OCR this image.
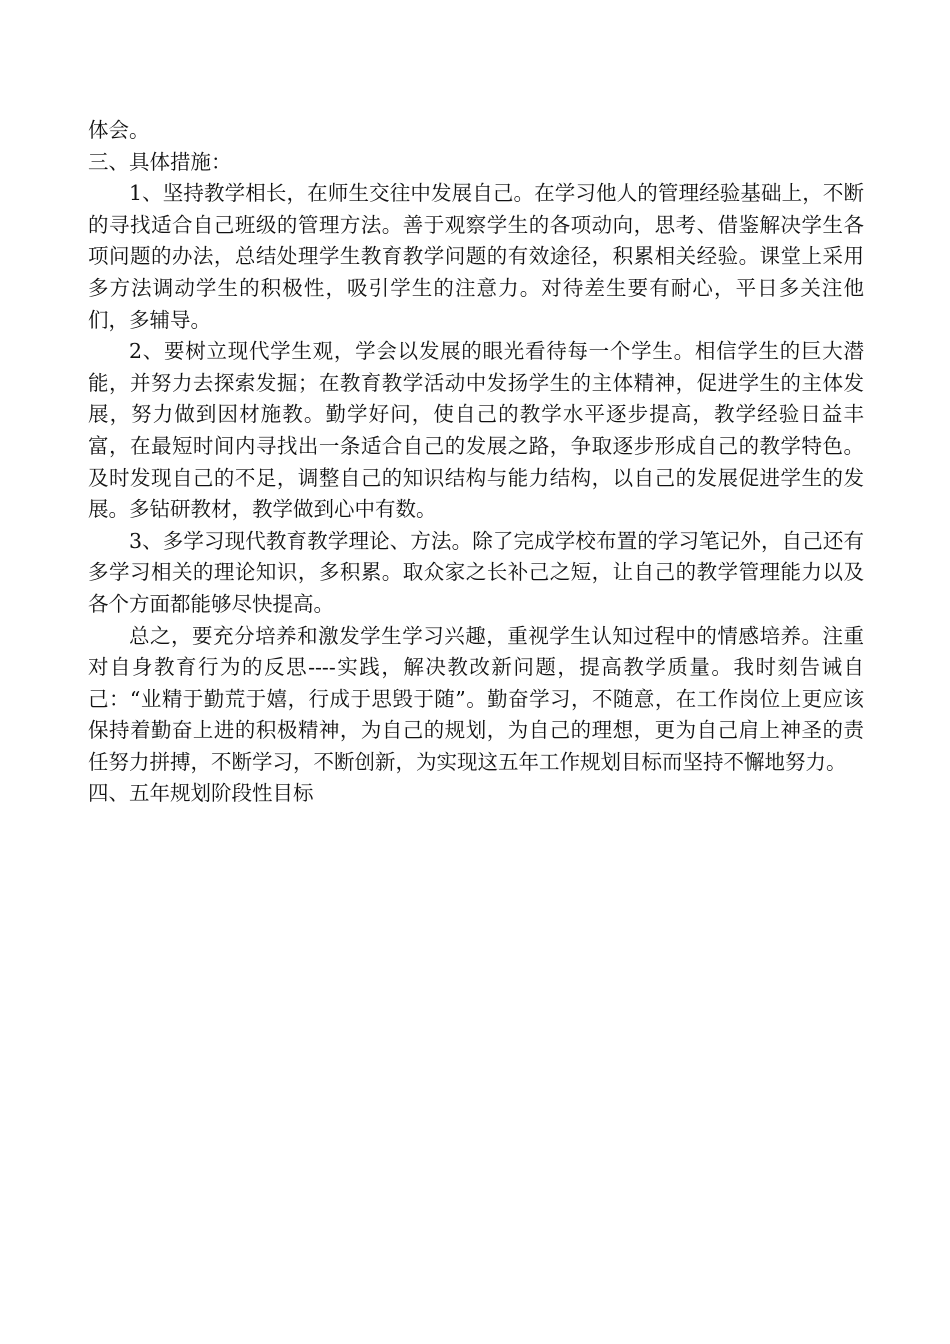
体会。

三、具体措施：

1、坚持教学相长，在师生交往中发展自己。在学习他人的管理经验基础上，不断的寻找适合自己班级的管理方法。善于观察学生的各项动向，思考、借鉴解决学生各项问题的办法，总结处理学生教育教学问题的有效途径，积累相关经验。课堂上采用多方法调动学生的积极性，吸引学生的注意力。对待差生要有耐心，平日多关注他们，多辅导。

2、要树立现代学生观，学会以发展的眼光看待每一个学生。相信学生的巨大潜能，并努力去探索发掘；在教育教学活动中发扬学生的主体精神，促进学生的主体发展，努力做到因材施教。勤学好问，使自己的教学水平逐步提高，教学经验日益丰富，在最短时间内寻找出一条适合自己的发展之路，争取逐步形成自己的教学特色。及时发现自己的不足，调整自己的知识结构与能力结构，以自己的发展促进学生的发展。多钻研教材，教学做到心中有数。

3、多学习现代教育教学理论、方法。除了完成学校布置的学习笔记外，自己还有多学习相关的理论知识，多积累。取众家之长补己之短，让自己的教学管理能力以及各个方面都能够尽快提高。

总之，要充分培养和激发学生学习兴趣，重视学生认知过程中的情感培养。注重对自身教育行为的反思----实践，解决教改新问题，提高教学质量。我时刻告诫自己：“业精于勤荒于嬉，行成于思毁于随”。勤奋学习，不随意，在工作岗位上更应该保持着勤奋上进的积极精神，为自己的规划，为自己的理想，更为自己肩上神圣的责任努力拼搏，不断学习，不断创新，为实现这五年工作规划目标而坚持不懈地努力。

四、五年规划阶段性目标
